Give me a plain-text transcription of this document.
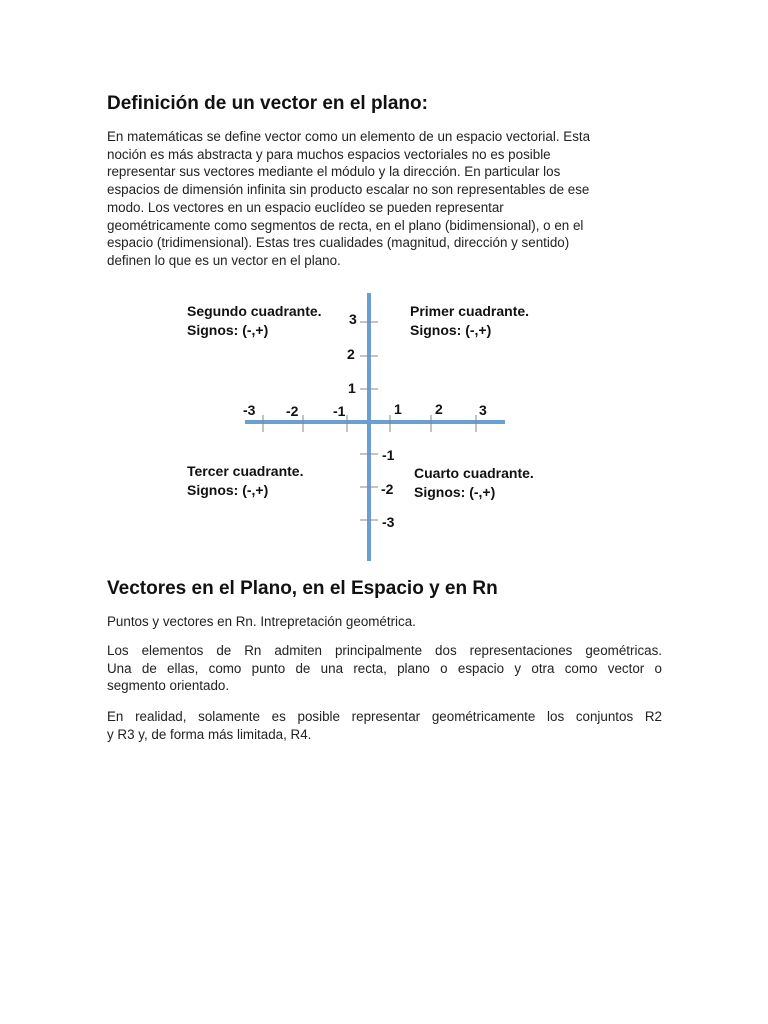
Definición de un vector en el plano:
En matemáticas se define vector como un elemento de un espacio vectorial. Esta
noción es más abstracta y para muchos espacios vectoriales no es posible
representar sus vectores mediante el módulo y la dirección. En particular los
espacios de dimensión infinita sin producto escalar no son representables de ese
modo. Los vectores en un espacio euclídeo se pueden representar
geométricamente como segmentos de recta, en el plano (bidimensional), o en el
espacio (tridimensional). Estas tres cualidades (magnitud, dirección y sentido)
definen lo que es un vector en el plano.
Vectores en el Plano, en el Espacio y en Rn
Puntos y vectores en Rn. Intrepretación geométrica.
Los elementos de Rn admiten principalmente dos representaciones geométricas.
Una de ellas, como punto de una recta, plano o espacio y otra como vector o
segmento orientado.
En realidad, solamente es posible representar geométricamente los conjuntos R2
y R3 y, de forma más limitada, R4.
Segundo cuadrante.
Signos: (-,+)
Primer cuadrante.
Signos: (-,+)
Tercer cuadrante.
Signos: (-,+)
Cuarto cuadrante.
Signos: (-,+)
-3 -2 -1	1 2	3
3
2
1
-1
-2
-3
